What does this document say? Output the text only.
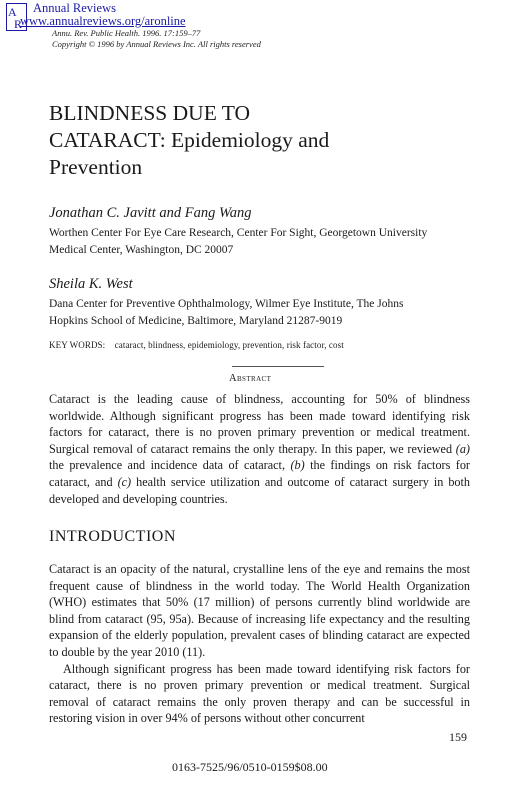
A
R
Annual Reviews
www.annualreviews.org/aronline
Annu. Rev. Public Health. 1996. 17:159–77
Copyright © 1996 by Annual Reviews Inc. All rights reserved
BLINDNESS DUE TO
CATARACT: Epidemiology and
Prevention
Jonathan C. Javitt and Fang Wang
Worthen Center For Eye Care Research, Center For Sight, Georgetown University
Medical Center, Washington, DC 20007
Sheila K. West
Dana Center for Preventive Ophthalmology, Wilmer Eye Institute, The Johns
Hopkins School of Medicine, Baltimore, Maryland 21287-9019
KEY WORDS: cataract, blindness, epidemiology, prevention, risk factor, cost
Abstract

Cataract is the leading cause of blindness, accounting for 50% of blindness worldwide. Although significant progress has been made toward identifying risk factors for cataract, there is no proven primary prevention or medical treatment. Surgical removal of cataract remains the only therapy. In this paper, we reviewed (a) the prevalence and incidence data of cataract, (b) the findings on risk factors for cataract, and (c) health service utilization and outcome of cataract surgery in both developed and developing countries.

INTRODUCTION

Cataract is an opacity of the natural, crystalline lens of the eye and remains the most frequent cause of blindness in the world today. The World Health Organization (WHO) estimates that 50% (17 million) of persons currently blind worldwide are blind from cataract (95, 95a). Because of increasing life expectancy and the resulting expansion of the elderly population, prevalent cases of blinding cataract are expected to double by the year 2010 (11).

Although significant progress has been made toward identifying risk factors for cataract, there is no proven primary prevention or medical treatment. Surgical removal of cataract remains the only proven therapy and can be successful in restoring vision in over 94% of persons without other concurrent

159
0163-7525/96/0510-0159$08.00
